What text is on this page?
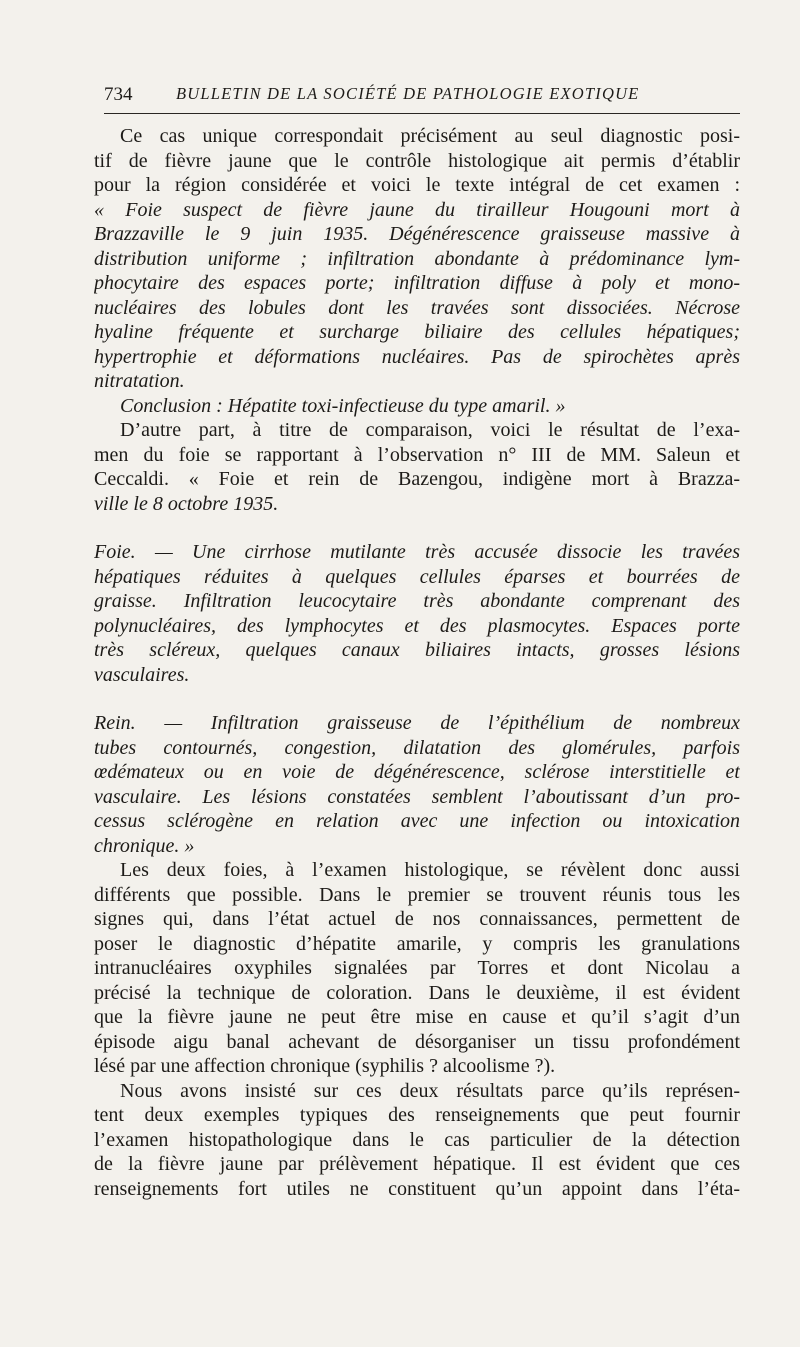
734	BULLETIN DE LA SOCIÉTÉ DE PATHOLOGIE EXOTIQUE
Ce cas unique correspondait précisément au seul diagnostic posi-
tif de fièvre jaune que le contrôle histologique ait permis d’établir
pour la région considérée et voici le texte intégral de cet examen :
« Foie suspect de fièvre jaune du tirailleur Hougouni mort à
Brazzaville le 9 juin 1935. Dégénérescence graisseuse massive à
distribution uniforme ; infiltration abondante à prédominance lym-
phocytaire des espaces porte; infiltration diffuse à poly et mono-
nucléaires des lobules dont les travées sont dissociées. Nécrose
hyaline fréquente et surcharge biliaire des cellules hépatiques;
hypertrophie et déformations nucléaires. Pas de spirochètes après
nitratation.
Conclusion : Hépatite toxi-infectieuse du type amaril. »
D’autre part, à titre de comparaison, voici le résultat de l’exa-
men du foie se rapportant à l’observation n° III de MM. Saleun et
Ceccaldi. « Foie et rein de Bazengou, indigène mort à Brazza-
ville le 8 octobre 1935.
Foie. — Une cirrhose mutilante très accusée dissocie les travées
hépatiques réduites à quelques cellules éparses et bourrées de
graisse. Infiltration leucocytaire très abondante comprenant des
polynucléaires, des lymphocytes et des plasmocytes. Espaces porte
très scléreux, quelques canaux biliaires intacts, grosses lésions
vasculaires.
Rein. — Infiltration graisseuse de l’épithélium de nombreux
tubes contournés, congestion, dilatation des glomérules, parfois
œdémateux ou en voie de dégénérescence, sclérose interstitielle et
vasculaire. Les lésions constatées semblent l’aboutissant d’un pro-
cessus sclérogène en relation avec une infection ou intoxication
chronique. »
Les deux foies, à l’examen histologique, se révèlent donc aussi
différents que possible. Dans le premier se trouvent réunis tous les
signes qui, dans l’état actuel de nos connaissances, permettent de
poser le diagnostic d’hépatite amarile, y compris les granulations
intranucléaires oxyphiles signalées par Torres et dont Nicolau a
précisé la technique de coloration. Dans le deuxième, il est évident
que la fièvre jaune ne peut être mise en cause et qu’il s’agit d’un
épisode aigu banal achevant de désorganiser un tissu profondément
lésé par une affection chronique (syphilis ? alcoolisme ?).
Nous avons insisté sur ces deux résultats parce qu’ils représen-
tent deux exemples typiques des renseignements que peut fournir
l’examen histopathologique dans le cas particulier de la détection
de la fièvre jaune par prélèvement hépatique. Il est évident que ces
renseignements fort utiles ne constituent qu’un appoint dans l’éta-
